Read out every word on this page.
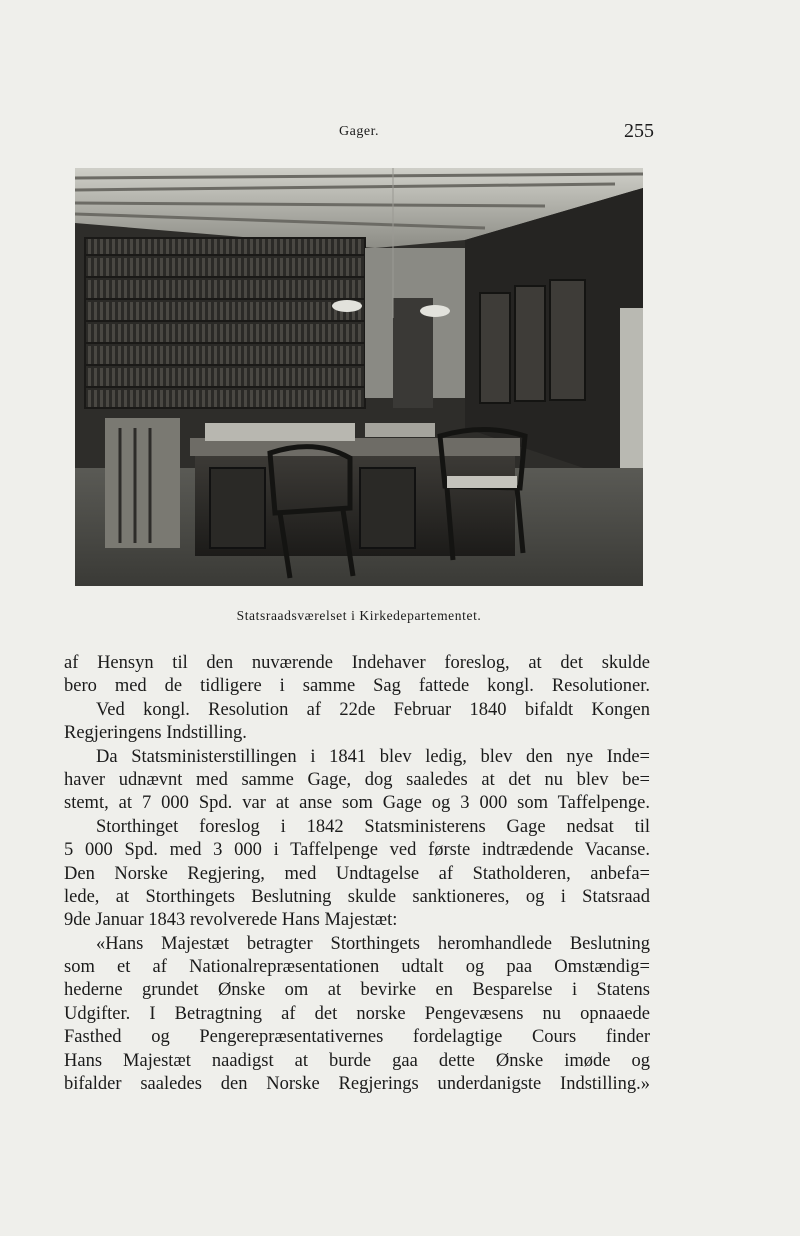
Gager.	255
Statsraadsværelset i Kirkedepartementet.
af Hensyn til den nuværende Indehaver foreslog, at det skulde
bero med de tidligere i samme Sag fattede kongl. Resolutioner.
Ved kongl. Resolution af 22de Februar 1840 bifaldt Kongen
Regjeringens Indstilling.
Da Statsministerstillingen i 1841 blev ledig, blev den nye Inde=
haver udnævnt med samme Gage, dog saaledes at det nu blev be=
stemt, at 7 000 Spd. var at anse som Gage og 3 000 som Taffelpenge.
Storthinget foreslog i 1842 Statsministerens Gage nedsat til
5 000 Spd. med 3 000 i Taffelpenge ved første indtrædende Vacanse.
Den Norske Regjering, med Undtagelse af Statholderen, anbefa=
lede, at Storthingets Beslutning skulde sanktioneres, og i Statsraad
9de Januar 1843 revolverede Hans Majestæt:
«Hans Majestæt betragter Storthingets heromhandlede Beslutning
som et af Nationalrepræsentationen udtalt og paa Omstændig=
hederne grundet Ønske om at bevirke en Besparelse i Statens
Udgifter. I Betragtning af det norske Pengevæsens nu opnaaede
Fasthed og Pengerepræsentativernes fordelagtige Cours finder
Hans Majestæt naadigst at burde gaa dette Ønske imøde og
bifalder saaledes den Norske Regjerings underdanigste Indstilling.»
